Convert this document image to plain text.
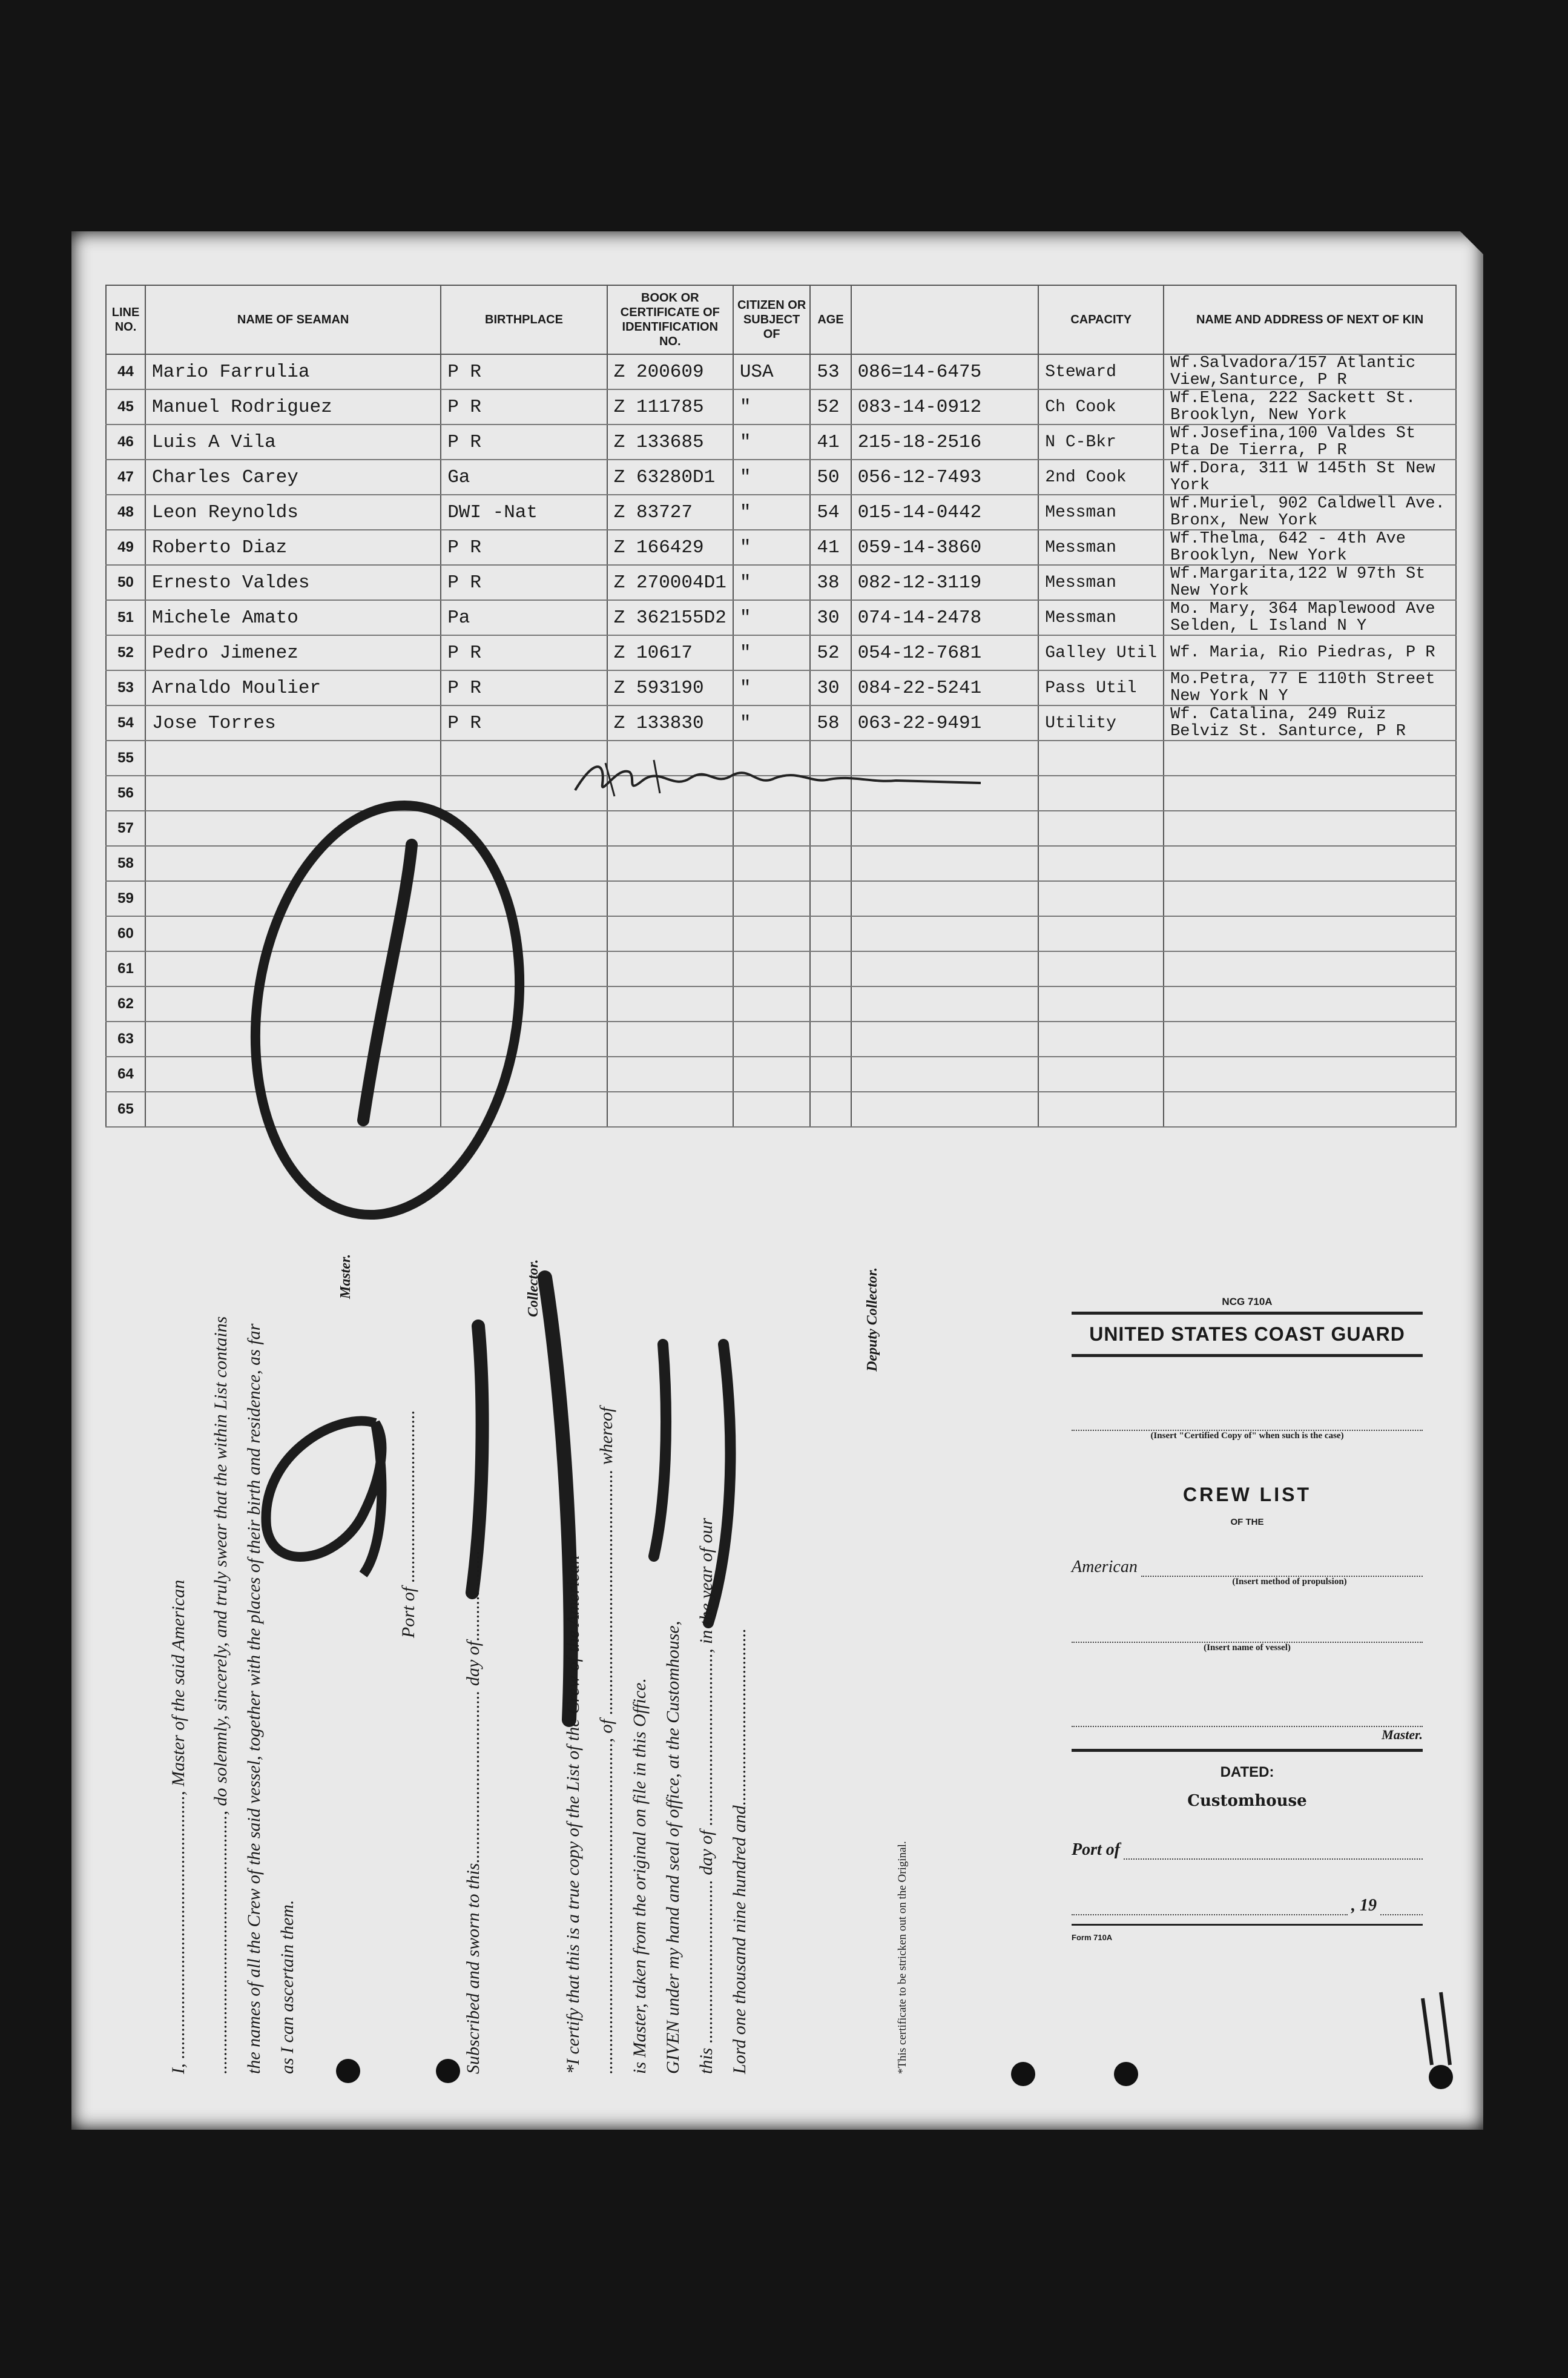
LINE NO.	NAME OF SEAMAN	BIRTHPLACE	BOOK OR CERTIFICATE OF IDENTIFICATION NO.	CITIZEN OR SUBJECT OF	AGE		CAPACITY	NAME AND ADDRESS OF NEXT OF KIN
44	Mario Farrulia	P R	Z 200609	USA	53	086=14-6475	Steward	Wf.Salvadora/157 Atlantic View,Santurce, P R
45	Manuel Rodriguez	P R	Z 111785	"	52	083-14-0912	Ch Cook	Wf.Elena, 222 Sackett St. Brooklyn, New York
46	Luis A Vila	P R	Z 133685	"	41	215-18-2516	N C-Bkr	Wf.Josefina,100 Valdes St Pta De Tierra, P R
47	Charles Carey	Ga	Z 63280D1	"	50	056-12-7493	2nd Cook	Wf.Dora, 311 W 145th St New York
48	Leon Reynolds	DWI -Nat	Z 83727	"	54	015-14-0442	Messman	Wf.Muriel, 902 Caldwell Ave. Bronx, New York
49	Roberto Diaz	P R	Z 166429	"	41	059-14-3860	Messman	Wf.Thelma, 642 - 4th Ave Brooklyn, New York
50	Ernesto Valdes	P R	Z 270004D1	"	38	082-12-3119	Messman	Wf.Margarita,122 W 97th St New York
51	Michele Amato	Pa	Z 362155D2	"	30	074-14-2478	Messman	Mo. Mary, 364 Maplewood Ave Selden, L Island N Y
52	Pedro Jimenez	P R	Z 10617	"	52	054-12-7681	Galley Util	Wf. Maria, Rio Piedras, P R
53	Arnaldo Moulier	P R	Z 593190	"	30	084-22-5241	Pass Util	Mo.Petra, 77 E 110th Street New York N Y
54	Jose Torres	P R	Z 133830	"	58	063-22-9491	Utility	Wf. Catalina, 249 Ruiz Belviz St. Santurce, P R
55								
56								
57								
58								
59								
60								
61								
62								
63								
64								
65								
I, .........................................................., Master of the said American ........................................................., do solemnly, sincerely, and truly swear that the within List contains the names of all the Crew of the said vessel, together with the places of their birth and residence, as far as I can ascertain them.
Master.
Port of ......................................
Subscribed and sworn to this...................................... day of....................
Collector.
*I certify that this is a true copy of the List of the Crew of the American ........................................................................., of ...................................................... whereof is Master, taken from the original on file in this Office. GIVEN under my hand and seal of office, at the Customhouse, this .................................... day of ......................................, in the year of our Lord one thousand nine hundred and.......................................
Deputy Collector.
*This certificate to be stricken out on the Original.
NCG 710A
UNITED STATES COAST GUARD
(Insert "Certified Copy of" when such is the case)
CREW LIST
OF THE
American
(Insert method of propulsion)
(Insert name of vessel)
Master.
DATED:
Customhouse
Port of
, 19
Form 710A
